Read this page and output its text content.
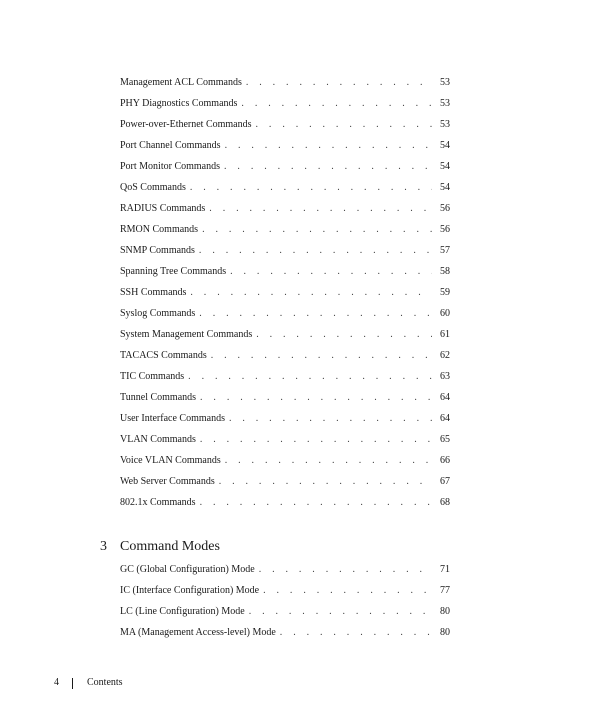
Management ACL Commands . . .	53
PHY Diagnostics Commands . . .	53
Power-over-Ethernet Commands . . .	53
Port Channel Commands . . .	54
Port Monitor Commands . . .	54
QoS Commands . . .	54
RADIUS Commands . . .	56
RMON Commands . . .	56
SNMP Commands . . .	57
Spanning Tree Commands . . .	58
SSH Commands . . .	59
Syslog Commands . . .	60
System Management Commands . . .	61
TACACS Commands . . .	62
TIC Commands . . .	63
Tunnel Commands . . .	64
User Interface Commands . . .	64
VLAN Commands . . .	65
Voice VLAN Commands . . .	66
Web Server Commands . . .	67
802.1x Commands . . .	68
3 Command Modes
GC (Global Configuration) Mode . . .	71
IC (Interface Configuration) Mode . . .	77
LC (Line Configuration) Mode . . .	80
MA (Management Access-level) Mode . . .	80
4	Contents
